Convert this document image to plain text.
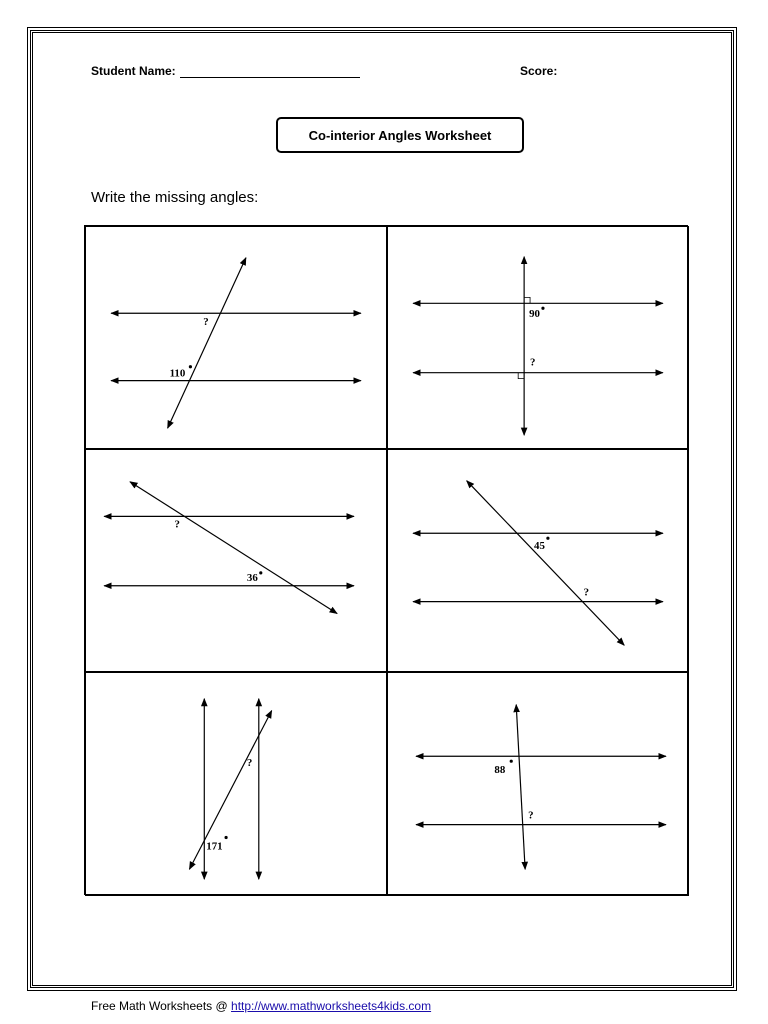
Student Name:	Score:
Co-interior Angles Worksheet
Write the missing angles:
?
110
90
?
?
36
45
?
?
171
88
?
Free Math Worksheets @ http://www.mathworksheets4kids.com
